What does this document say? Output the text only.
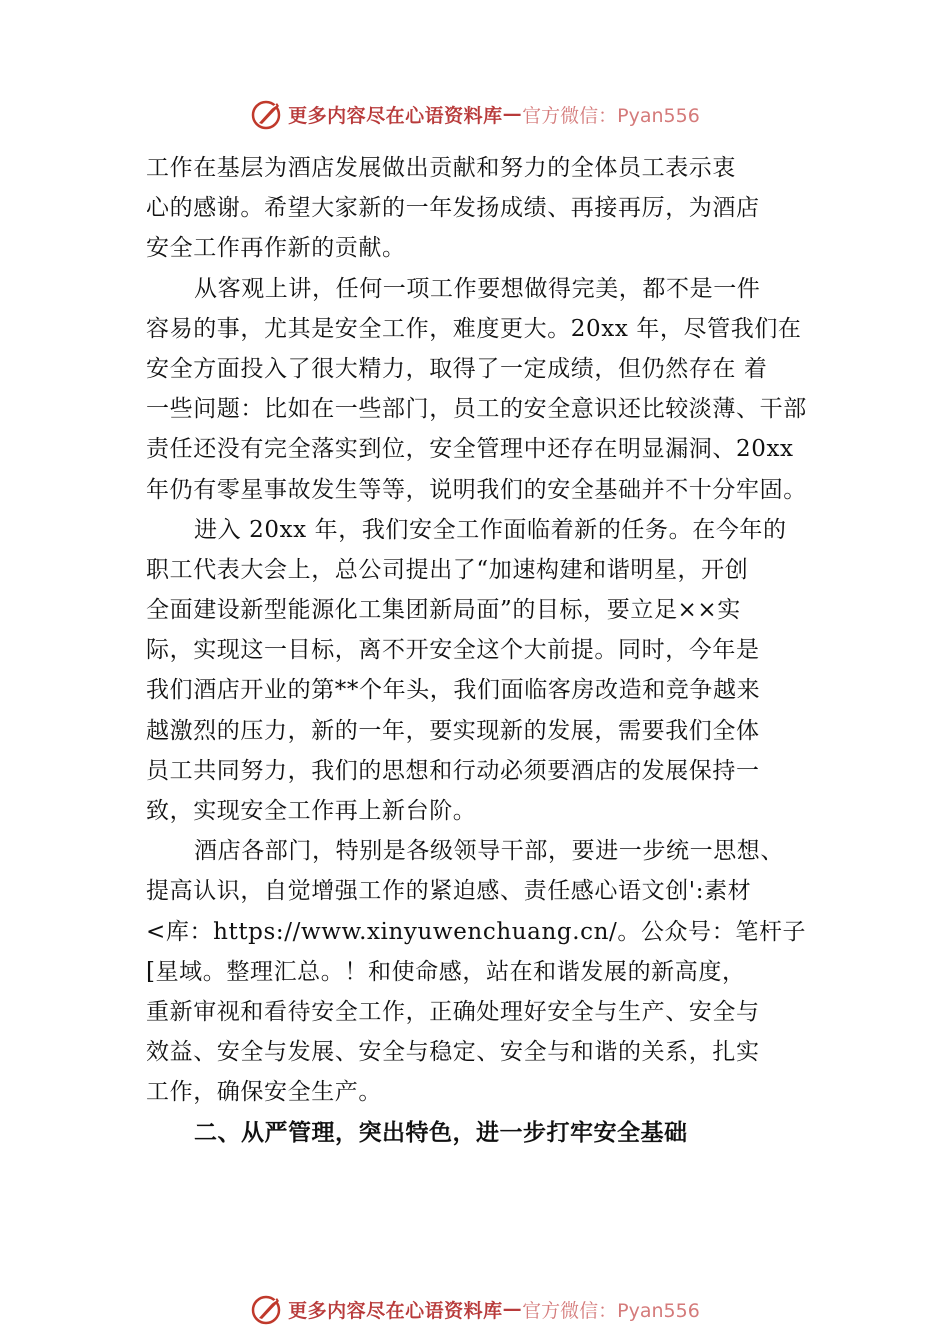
更多内容尽在心语资料库 — 官方微信：Pyan556
工作在基层为酒店发展做出贡献和努力的全体员工表示衷
心的感谢。希望大家新的一年发扬成绩、再接再厉，为酒店
安全工作再作新的贡献。
从客观上讲，任何一项工作要想做得完美，都不是一件
容易的事，尤其是安全工作，难度更大。20xx 年，尽管我们在
安全方面投入了很大精力，取得了一定成绩，但仍然存在 着
一些问题：比如在一些部门，员工的安全意识还比较淡薄、干部
责任还没有完全落实到位，安全管理中还存在明显漏洞、20xx
年仍有零星事故发生等等，说明我们的安全基础并不十分牢固。
进入 20xx 年，我们安全工作面临着新的任务。在今年的
职工代表大会上，总公司提出了“加速构建和谐明星，开创
全面建设新型能源化工集团新局面”的目标，要立足××实
际，实现这一目标，离不开安全这个大前提。同时，今年是
我们酒店开业的第**个年头，我们面临客房改造和竞争越来
越激烈的压力，新的一年，要实现新的发展，需要我们全体
员工共同努力，我们的思想和行动必须要酒店的发展保持一
致，实现安全工作再上新台阶。
酒店各部门，特别是各级领导干部，要进一步统一思想、
提高认识，自觉增强工作的紧迫感、责任感心语文创':素材
<库：https://www.xinyuwenchuang.cn/。公众号：笔杆子
[星域。整理汇总。！和使命感，站在和谐发展的新高度，
重新审视和看待安全工作，正确处理好安全与生产、安全与
效益、安全与发展、安全与稳定、安全与和谐的关系，扎实
工作，确保安全生产。
二、从严管理，突出特色，进一步打牢安全基础
更多内容尽在心语资料库 — 官方微信：Pyan556
